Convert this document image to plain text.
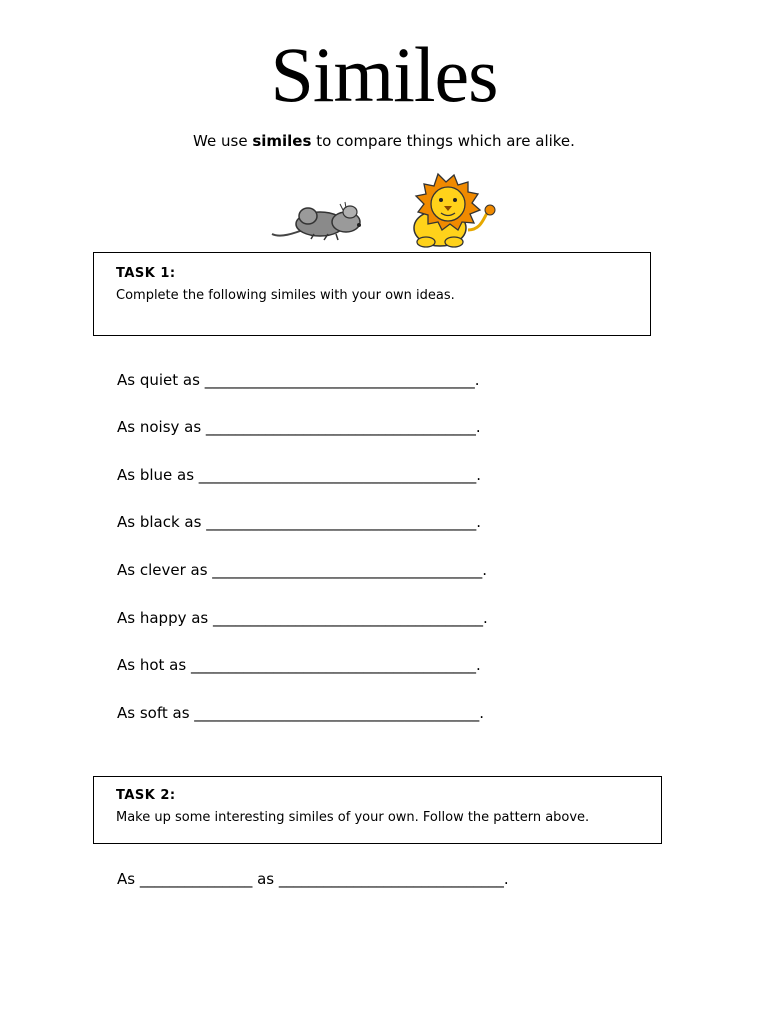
Similes
We use similes to compare things which are alike.
TASK 1:
Complete the following similes with your own ideas.
As quiet as ____________________________________.
As noisy as ____________________________________.
As blue as _____________________________________.
As black as ____________________________________.
As clever as ____________________________________.
As happy as ____________________________________.
As hot as ______________________________________.
As soft as ______________________________________.
TASK 2:
Make up some interesting similes of your own. Follow the pattern above.
As _______________ as ______________________________.
